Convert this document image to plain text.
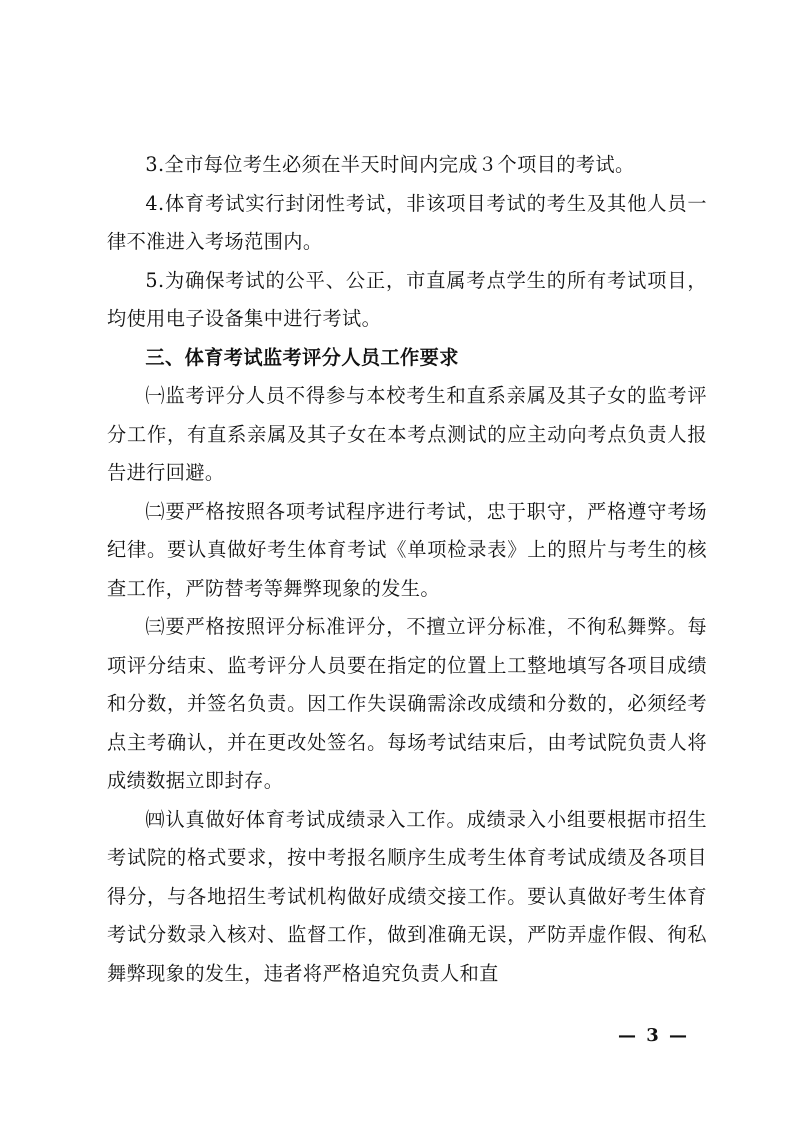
3.全市每位考生必须在半天时间内完成３个项目的考试。

4.体育考试实行封闭性考试，非该项目考试的考生及其他人员一律不准进入考场范围内。

5.为确保考试的公平、公正，市直属考点学生的所有考试项目，均使用电子设备集中进行考试。

三、体育考试监考评分人员工作要求

㈠监考评分人员不得参与本校考生和直系亲属及其子女的监考评分工作，有直系亲属及其子女在本考点测试的应主动向考点负责人报告进行回避。

㈡要严格按照各项考试程序进行考试，忠于职守，严格遵守考场纪律。要认真做好考生体育考试《单项检录表》上的照片与考生的核查工作，严防替考等舞弊现象的发生。

㈢要严格按照评分标准评分，不擅立评分标准，不徇私舞弊。每项评分结束、监考评分人员要在指定的位置上工整地填写各项目成绩和分数，并签名负责。因工作失误确需涂改成绩和分数的，必须经考点主考确认，并在更改处签名。每场考试结束后，由考试院负责人将成绩数据立即封存。

㈣认真做好体育考试成绩录入工作。成绩录入小组要根据市招生考试院的格式要求，按中考报名顺序生成考生体育考试成绩及各项目得分，与各地招生考试机构做好成绩交接工作。要认真做好考生体育考试分数录入核对、监督工作，做到准确无误，严防弄虚作假、徇私舞弊现象的发生，违者将严格追究负责人和直

— 3 —
